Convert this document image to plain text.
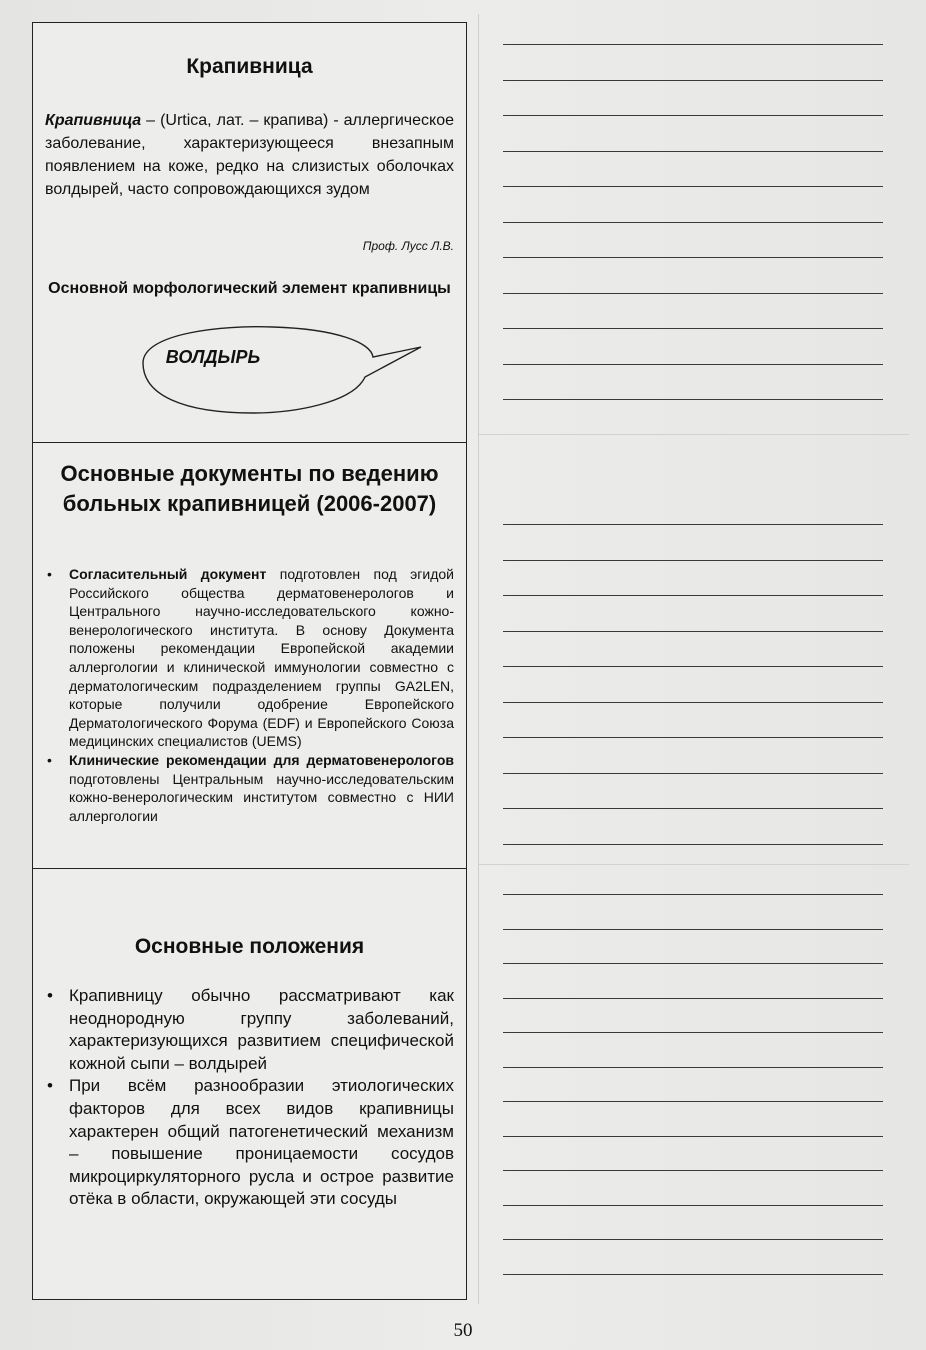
Крапивница
Крапивница – (Urtica, лат. – крапива) - аллергическое заболевание, характеризующееся внезапным появлением на коже, редко на слизистых оболочках волдырей, часто сопровождающихся зудом
Проф. Лусс Л.В.
Основной морфологический элемент крапивницы
ВОЛДЫРЬ
Основные документы по ведению больных крапивницей (2006-2007)
• Согласительный документ подготовлен под эгидой Российского общества дерматовенерологов и Центрального научно-исследовательского кожно-венерологического института. В основу Документа положены рекомендации Европейской академии аллергологии и клинической иммунологии совместно с дерматологическим подразделением группы GA2LEN, которые получили одобрение Европейского Дерматологического Форума (EDF) и Европейского Союза медицинских специалистов (UEMS)
• Клинические рекомендации для дерматовенерологов подготовлены Центральным научно-исследовательским кожно-венерологическим институтом совместно с НИИ аллергологии
Основные положения
• Крапивницу обычно рассматривают как неоднородную группу заболеваний, характеризующихся развитием специфической кожной сыпи – волдырей
• При всём разнообразии этиологических факторов для всех видов крапивницы характерен общий патогенетический механизм – повышение проницаемости сосудов микроциркуляторного русла и острое развитие отёка в области, окружающей эти сосуды
50
